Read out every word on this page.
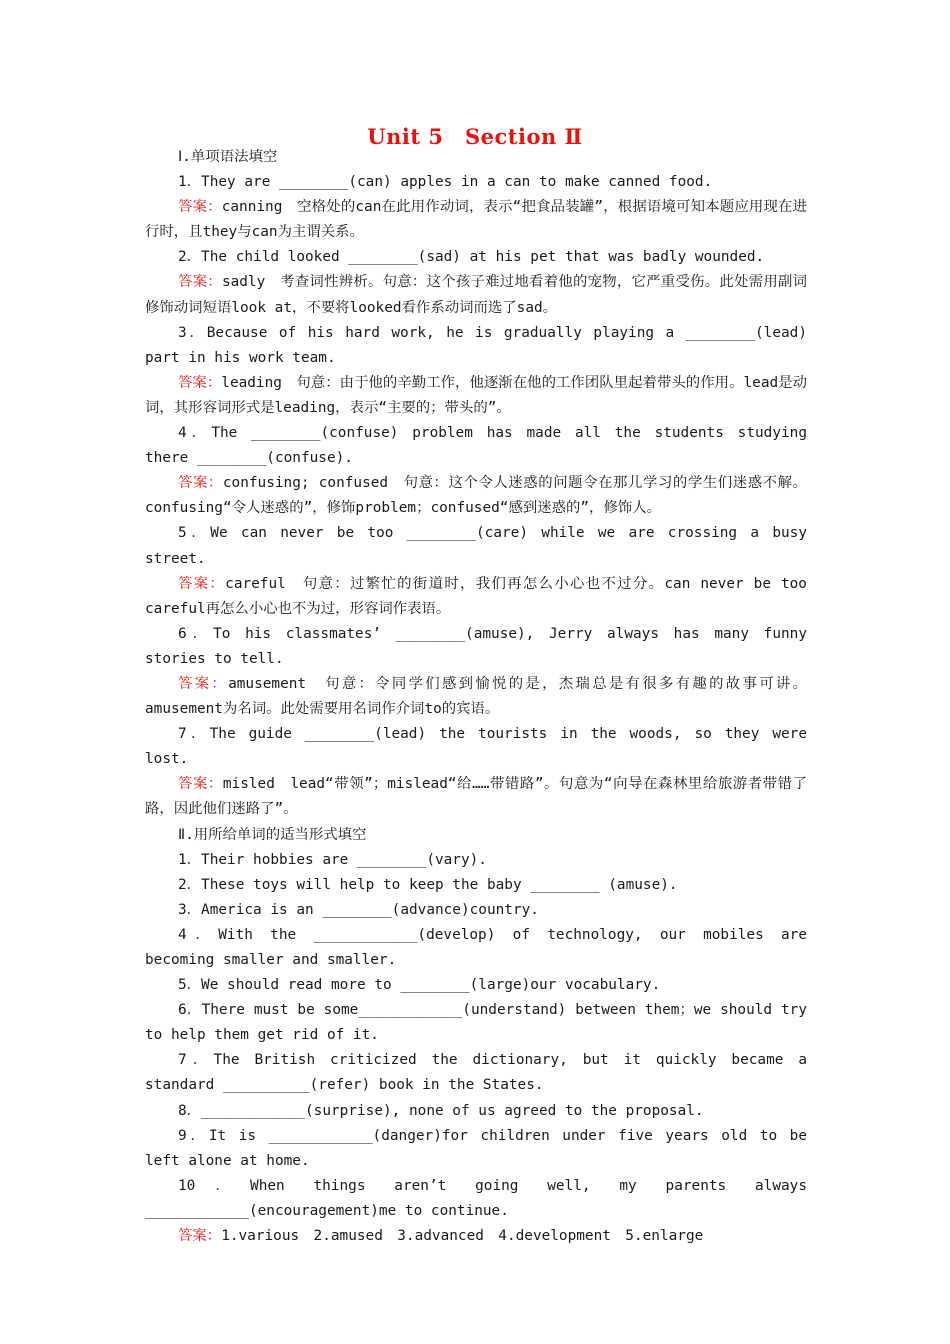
Unit 5　Section Ⅱ

Ⅰ.单项语法填空

1．They are ________(can) apples in a can to make canned food.

答案：canning　空格处的can在此用作动词，表示“把食品装罐”，根据语境可知本题应用现在进行时，且they与can为主谓关系。

2．The child looked ________(sad) at his pet that was badly wounded.

答案：sadly　考查词性辨析。句意：这个孩子难过地看着他的宠物，它严重受伤。此处需用副词修饰动词短语look at，不要将looked看作系动词而选了sad。

3．Because of his hard work, he is gradually playing a ________(lead) part in his work team.

答案：leading　句意：由于他的辛勤工作，他逐渐在他的工作团队里起着带头的作用。lead是动词，其形容词形式是leading，表示“主要的；带头的”。

4．The ________(confuse) problem has made all the students studying there ________(confuse).

答案：confusing; confused　句意：这个令人迷惑的问题令在那儿学习的学生们迷惑不解。confusing“令人迷惑的”，修饰problem；confused“感到迷惑的”，修饰人。

5．We can never be too ________(care) while we are crossing a busy street.

答案：careful　句意：过繁忙的街道时，我们再怎么小心也不过分。can never be too careful再怎么小心也不为过，形容词作表语。

6．To his classmates’ ________(amuse), Jerry always has many funny stories to tell.

答案：amusement　句意：令同学们感到愉悦的是，杰瑞总是有很多有趣的故事可讲。amusement为名词。此处需要用名词作介词to的宾语。

7．The guide ________(lead) the tourists in the woods, so they were lost.

答案：misled　lead“带领”；mislead“给……带错路”。句意为“向导在森林里给旅游者带错了路，因此他们迷路了”。

Ⅱ.用所给单词的适当形式填空

1．Their hobbies are ________(vary).

2．These toys will help to keep the baby ________ (amuse).

3．America is an ________(advance)country.

4．With the ____________(develop) of technology, our mobiles are becoming smaller and smaller.

5．We should read more to ________(large)our vocabulary.

6．There must be some____________(understand) between them；we should try to help them get rid of it.

7．The British criticized the dictionary, but it quickly became a standard __________(refer) book in the States.

8．____________(surprise), none of us agreed to the proposal.

9．It is ____________(danger)for children under five years old to be left alone at home.

10．When things aren’t going well, my parents always ____________(encouragement)me to continue.

答案：1.various　2.amused　3.advanced　4.development　5.enlarge
